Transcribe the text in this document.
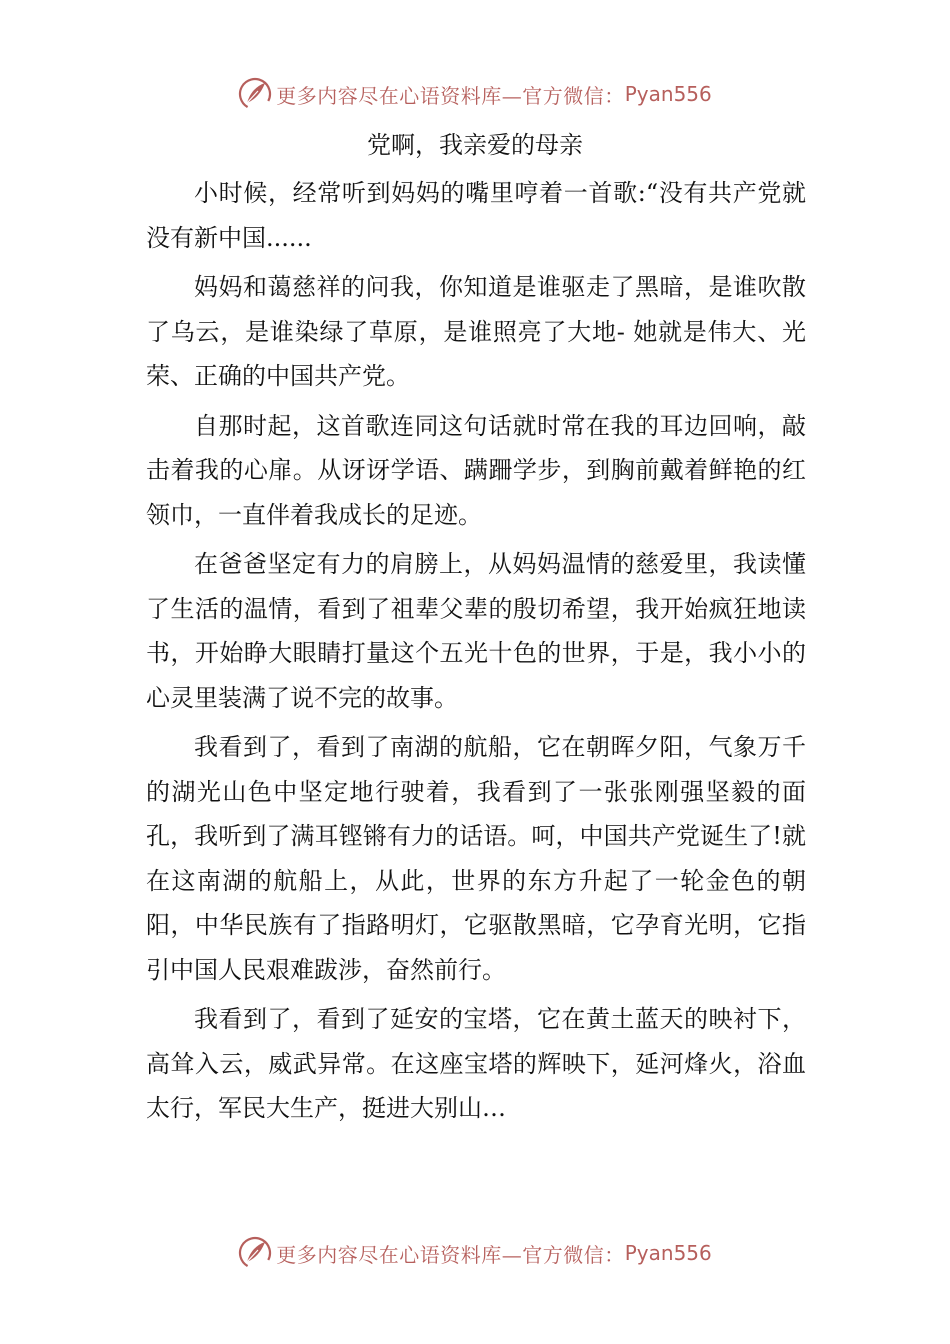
更多内容尽在心语资料库—官方微信： Pyan556
党啊，我亲爱的母亲

小时候，经常听到妈妈的嘴里哼着一首歌:“没有共产党就没有新中国......

妈妈和蔼慈祥的问我，你知道是谁驱走了黑暗，是谁吹散了乌云，是谁染绿了草原，是谁照亮了大地- 她就是伟大、光荣、正确的中国共产党。

自那时起，这首歌连同这句话就时常在我的耳边回响，敲击着我的心扉。从讶讶学语、蹒跚学步，到胸前戴着鲜艳的红领巾，一直伴着我成长的足迹。

在爸爸坚定有力的肩膀上，从妈妈温情的慈爱里，我读懂了生活的温情，看到了祖辈父辈的殷切希望，我开始疯狂地读书，开始睁大眼睛打量这个五光十色的世界，于是，我小小的心灵里装满了说不完的故事。

我看到了，看到了南湖的航船，它在朝晖夕阳，气象万千的湖光山色中坚定地行驶着，我看到了一张张刚强坚毅的面孔，我听到了满耳铿锵有力的话语。呵，中国共产党诞生了!就在这南湖的航船上，从此，世界的东方升起了一轮金色的朝阳，中华民族有了指路明灯，它驱散黑暗，它孕育光明，它指引中国人民艰难跋涉，奋然前行。

我看到了，看到了延安的宝塔，它在黄土蓝天的映衬下，高耸入云，威武异常。在这座宝塔的辉映下，延河烽火，浴血太行，军民大生产，挺进大别山…

更多内容尽在心语资料库—官方微信： Pyan556
